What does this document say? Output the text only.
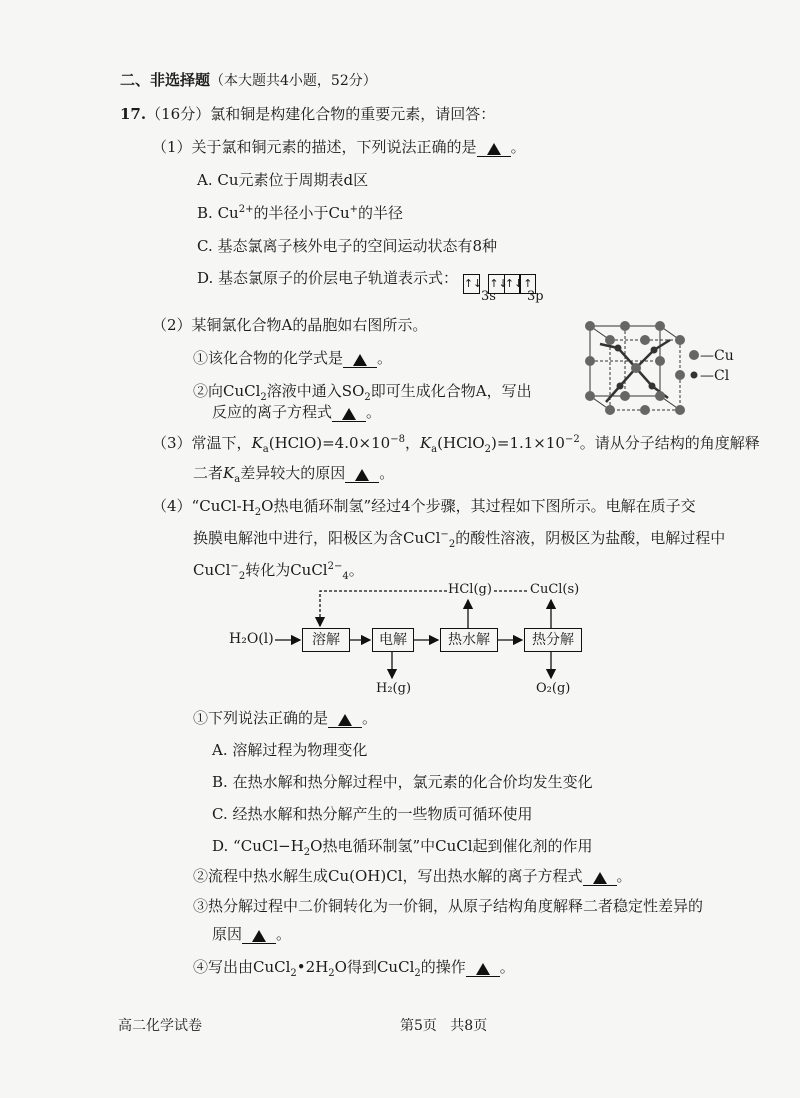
二、非选择题（本大题共4小题，52分）
17.（16分）氯和铜是构建化合物的重要元素，请回答：
（1）关于氯和铜元素的描述，下列说法正确的是 。
A. Cu元素位于周期表d区
B. $Cu^{2+}$的半径小于Cu+的半径
C. 基态氯离子核外电子的空间运动状态有8种
D. 基态氯原子的价层电子轨道表示式： ↑↓ ↑↓↑↓↑
3s 3p
（2）某铜氯化合物A的晶胞如右图所示。
①该化合物的化学式是 。
②向CuCl$_2$溶液中通入$SO_2$即可生成化合物A，写出
反应的离子方程式 。
—Cu
—Cl
（3）常温下，$K_a(HClO)=4.0\times 10^{-8}$，$K_a(HClO_2)=1.1\times 10^{-2}$。请从分子结构的角度解释
二者$K_a$差异较大的原因 。
$(4)“CuCl-H_2O$热电循环制氢”经过4个步骤，其过程如下图所示。电解在质子交
换膜电解池中进行，阳极区为含CuCl−$_2$的酸性溶液，阴极区为盐酸，电解过程中
CuCl−$_2$转化为CuCl$^{2-}_4$。
H₂O(l)	溶解	电解	热水解	热分解
HCl(g)	CuCl(s)
H₂(g)	O₂(g)
①下列说法正确的是 。
A. 溶解过程为物理变化
B. 在热水解和热分解过程中，氯元素的化合价均发生变化
C. 经热水解和热分解产生的一些物质可循环使用
D. “$CuCl-H_2O$热电循环制氢”中CuCl起到催化剂的作用
②流程中热水解生成Cu(OH)Cl，写出热水解的离子方程式 。
③热分解过程中二价铜转化为一价铜，从原子结构角度解释二者稳定性差异的
原因 。
④写出由$CuCl_2•2H_2O$得到CuCl$_2$的操作 。
高二化学试卷	第5页 共8页
